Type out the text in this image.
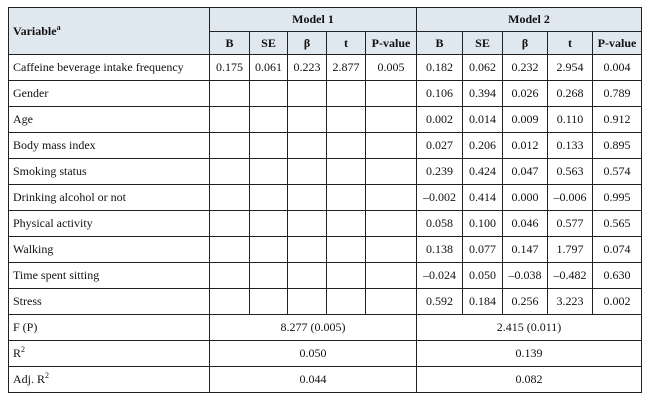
Variable$^a$	Model 1					Model 2				
	B	SE	β	t	P-value	B	SE	β	t	P-value
Caffeine beverage intake frequency	0.175	0.061	0.223	2.877	0.005	0.182	0.062	0.232	2.954	0.004
Gender						0.106	0.394	0.026	0.268	0.789
Age						0.002	0.014	0.009	0.110	0.912
Body mass index						0.027	0.206	0.012	0.133	0.895
Smoking status						0.239	0.424	0.047	0.563	0.574
Drinking alcohol or not						–0.002	0.414	0.000	–0.006	0.995
Physical activity						0.058	0.100	0.046	0.577	0.565
Walking						0.138	0.077	0.147	1.797	0.074
Time spent sitting						–0.024	0.050	–0.038	–0.482	0.630
Stress						0.592	0.184	0.256	3.223	0.002
F (P)	8.277 (0.005)					2.415 (0.011)				
$R^2$	0.050					0.139				
Adj. $R^2$	0.044					0.082				
